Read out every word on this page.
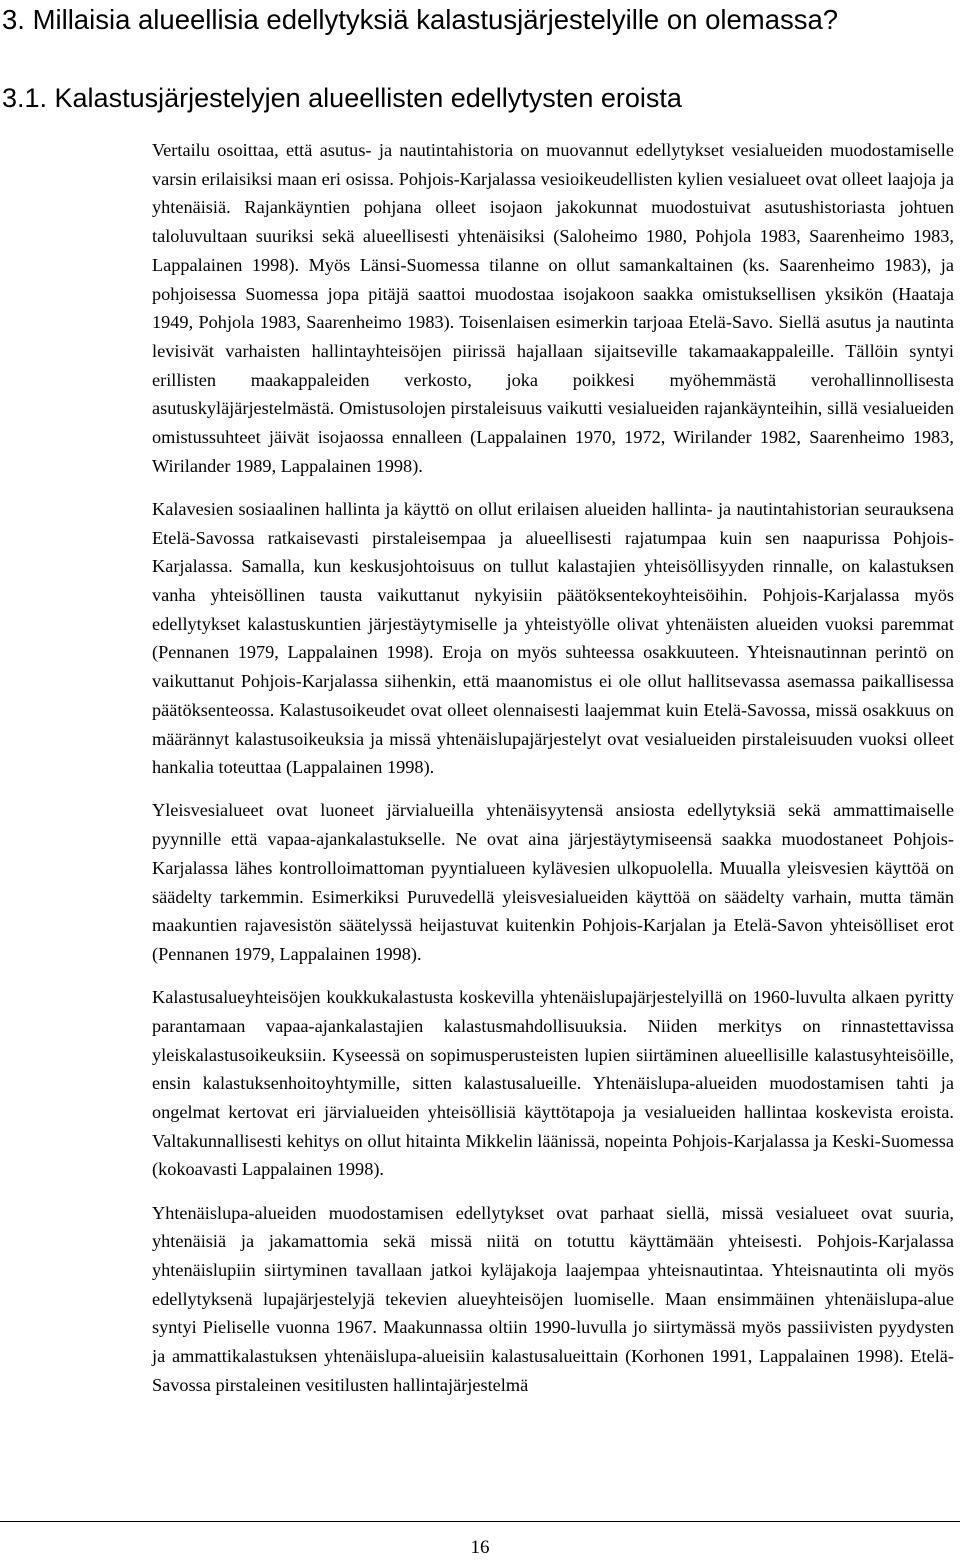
3. Millaisia alueellisia edellytyksiä kalastusjärjestelyille on olemassa?
3.1. Kalastusjärjestelyjen alueellisten edellytysten eroista

Vertailu osoittaa, että asutus- ja nautintahistoria on muovannut edellytykset vesialueiden muodostamiselle varsin erilaisiksi maan eri osissa. Pohjois-Karjalassa vesioikeudellisten kylien vesialueet ovat olleet laajoja ja yhtenäisiä. Rajankäyntien pohjana olleet isojaon jakokunnat muodostuivat asutushistoriasta johtuen taloluvultaan suuriksi sekä alueellisesti yhtenäisiksi (Saloheimo 1980, Pohjola 1983, Saarenheimo 1983, Lappalainen 1998). Myös Länsi-Suomessa tilanne on ollut samankaltainen (ks. Saarenheimo 1983), ja pohjoisessa Suomessa jopa pitäjä saattoi muodostaa isojakoon saakka omistuksellisen yksikön (Haataja 1949, Pohjola 1983, Saarenheimo 1983). Toisenlaisen esimerkin tarjoaa Etelä-Savo. Siellä asutus ja nautinta levisivät varhaisten hallintayhteisöjen piirissä hajallaan sijaitseville takamaakappaleille. Tällöin syntyi erillisten maakappaleiden verkosto, joka poikkesi myöhemmästä verohallinnollisesta asutuskyläjärjestelmästä. Omistusolojen pirstaleisuus vaikutti vesialueiden rajankäynteihin, sillä vesialueiden omistussuhteet jäivät isojaossa ennalleen (Lappalainen 1970, 1972, Wirilander 1982, Saarenheimo 1983, Wirilander 1989, Lappalainen 1998).

Kalavesien sosiaalinen hallinta ja käyttö on ollut erilaisen alueiden hallinta- ja nautintahistorian seurauksena Etelä-Savossa ratkaisevasti pirstaleisempaa ja alueellisesti rajatumpaa kuin sen naapurissa Pohjois-Karjalassa. Samalla, kun keskusjohtoisuus on tullut kalastajien yhteisöllisyyden rinnalle, on kalastuksen vanha yhteisöllinen tausta vaikuttanut nykyisiin päätöksentekoyhteisöihin. Pohjois-Karjalassa myös edellytykset kalastuskuntien järjestäytymiselle ja yhteistyölle olivat yhtenäisten alueiden vuoksi paremmat (Pennanen 1979, Lappalainen 1998). Eroja on myös suhteessa osakkuuteen. Yhteisnautinnan perintö on vaikuttanut Pohjois-Karjalassa siihenkin, että maanomistus ei ole ollut hallitsevassa asemassa paikallisessa päätöksenteossa. Kalastusoikeudet ovat olleet olennaisesti laajemmat kuin Etelä-Savossa, missä osakkuus on määrännyt kalastusoikeuksia ja missä yhtenäislupajärjestelyt ovat vesialueiden pirstaleisuuden vuoksi olleet hankalia toteuttaa (Lappalainen 1998).

Yleisvesialueet ovat luoneet järvialueilla yhtenäisyytensä ansiosta edellytyksiä sekä ammattimaiselle pyynnille että vapaa-ajankalastukselle. Ne ovat aina järjestäytymiseensä saakka muodostaneet Pohjois-Karjalassa lähes kontrolloimattoman pyyntialueen kylävesien ulkopuolella. Muualla yleisvesien käyttöä on säädelty tarkemmin. Esimerkiksi Puruvedellä yleisvesialueiden käyttöä on säädelty varhain, mutta tämän maakuntien rajavesistön säätelyssä heijastuvat kuitenkin Pohjois-Karjalan ja Etelä-Savon yhteisölliset erot (Pennanen 1979, Lappalainen 1998).

Kalastusalueyhteisöjen koukkukalastusta koskevilla yhtenäislupajärjestelyillä on 1960-luvulta alkaen pyritty parantamaan vapaa-ajankalastajien kalastusmahdollisuuksia. Niiden merkitys on rinnastettavissa yleiskalastusoikeuksiin. Kyseessä on sopimusperusteisten lupien siirtäminen alueellisille kalastusyhteisöille, ensin kalastuksenhoitoyhtymille, sitten kalastusalueille. Yhtenäislupa-alueiden muodostamisen tahti ja ongelmat kertovat eri järvialueiden yhteisöllisiä käyttötapoja ja vesialueiden hallintaa koskevista eroista. Valtakunnallisesti kehitys on ollut hitainta Mikkelin läänissä, nopeinta Pohjois-Karjalassa ja Keski-Suomessa (kokoavasti Lappalainen 1998).

Yhtenäislupa-alueiden muodostamisen edellytykset ovat parhaat siellä, missä vesialueet ovat suuria, yhtenäisiä ja jakamattomia sekä missä niitä on totuttu käyttämään yhteisesti. Pohjois-Karjalassa yhtenäislupiin siirtyminen tavallaan jatkoi kyläjakoja laajempaa yhteisnautintaa. Yhteisnautinta oli myös edellytyksenä lupajärjestelyjä tekevien alueyhteisöjen luomiselle. Maan ensimmäinen yhtenäislupa-alue syntyi Pieliselle vuonna 1967. Maakunnassa oltiin 1990-luvulla jo siirtymässä myös passiivisten pyydysten ja ammattikalastuksen yhtenäislupa-alueisiin kalastusalueittain (Korhonen 1991, Lappalainen 1998). Etelä-Savossa pirstaleinen vesitilusten hallintajärjestelmä

16
